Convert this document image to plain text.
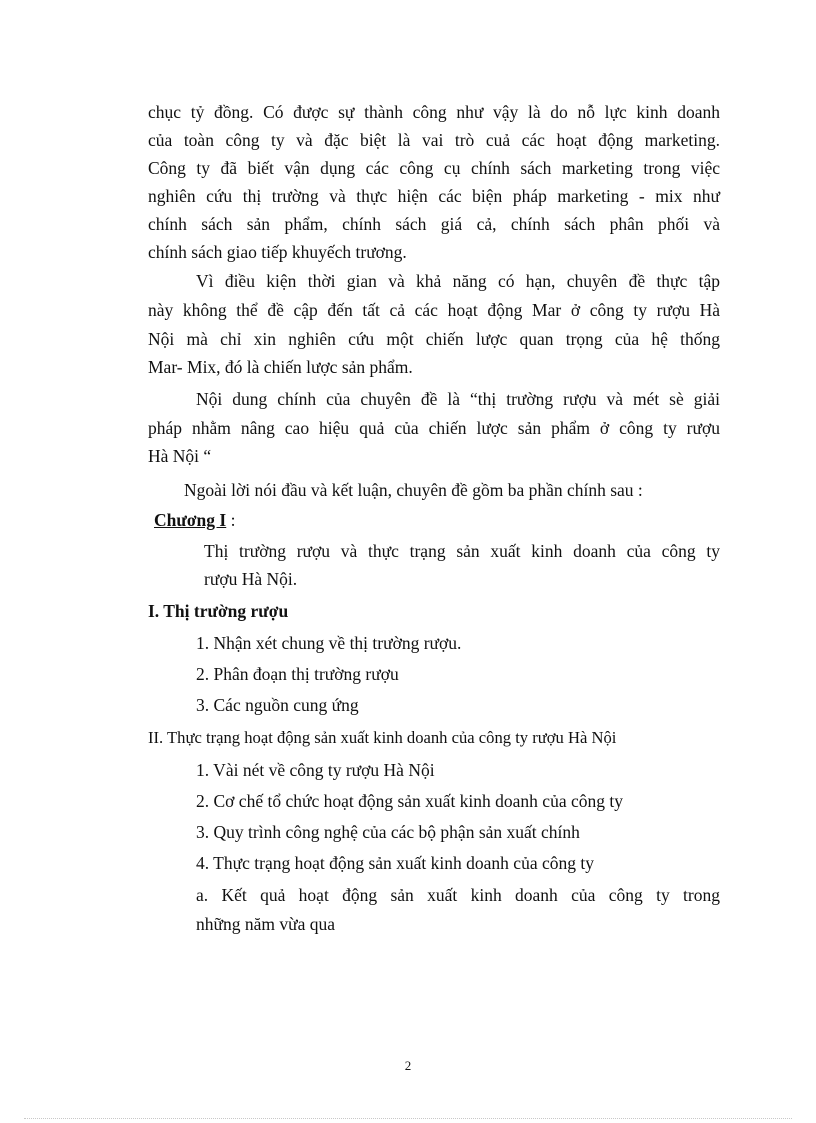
chục tỷ đồng. Có được sự thành công như vậy là do nỗ lực kinh doanh
của toàn công ty và đặc biệt là vai trò cuả các hoạt động marketing.
Công ty đã biết vận dụng các công cụ chính sách marketing trong việc
nghiên cứu thị trường và thực hiện các biện pháp marketing - mix như
chính sách sản phẩm, chính sách giá cả, chính sách phân phối và
chính sách giao tiếp khuyếch trương.
Vì điều kiện thời gian và khả năng có hạn, chuyên đề thực tập
này không thể đề cập đến tất cả các hoạt động Mar ở công ty rượu Hà
Nội mà chỉ xin nghiên cứu một chiến lược quan trọng của hệ thống
Mar- Mix, đó là chiến lược sản phẩm.
Nội dung chính của chuyên đề là “thị trường rượu và mét sè giải
pháp nhằm nâng cao hiệu quả của chiến lược sản phẩm ở công ty rượu
Hà Nội “
Ngoài lời nói đầu và kết luận, chuyên đề gồm ba phần chính sau :
Chương I :
Thị trường rượu và thực trạng sản xuất kinh doanh của công ty
rượu Hà Nội.
I. Thị trường rượu
1. Nhận xét chung về thị trường rượu.
2. Phân đoạn thị trường rượu
3. Các nguồn cung ứng
II. Thực trạng hoạt động sản xuất kinh doanh của công ty rượu Hà Nội
1. Vài nét về công ty rượu Hà Nội
2. Cơ chế tổ chức hoạt động sản xuất kinh doanh của công ty
3. Quy trình công nghệ của các bộ phận sản xuất chính
4. Thực trạng hoạt động sản xuất kinh doanh của công ty
a. Kết quả hoạt động sản xuất kinh doanh của công ty trong
những năm vừa qua
2
